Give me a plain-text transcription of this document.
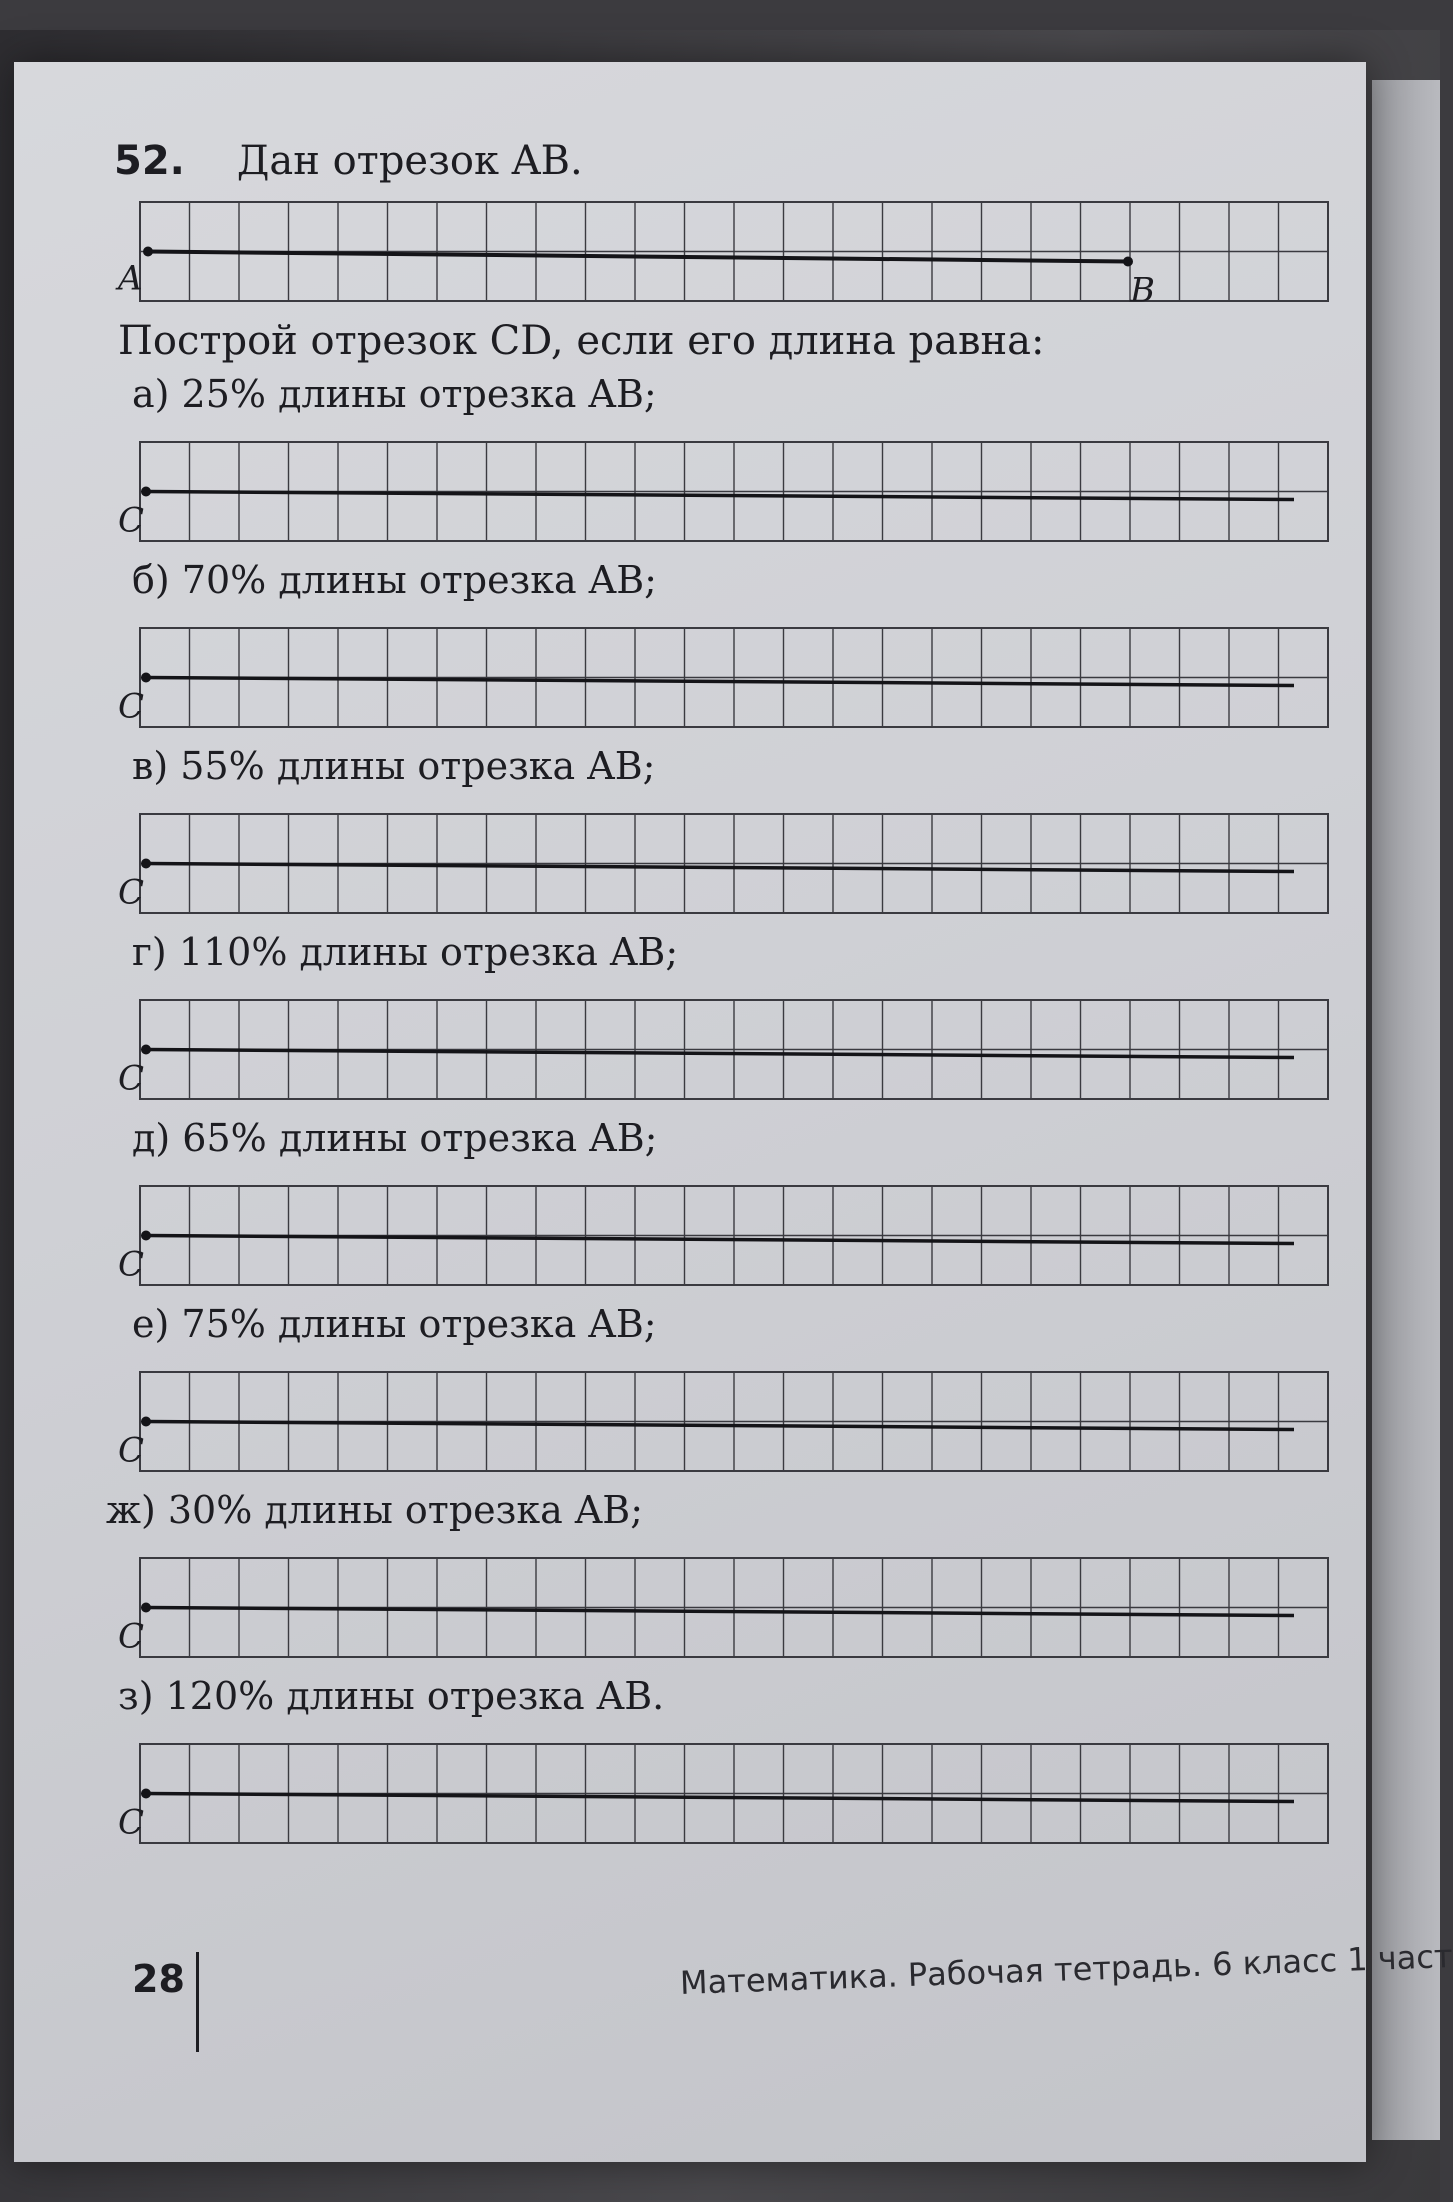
A	B
C
C
C
C
C
C
C
C
52. Дан отрезок AB.
Построй отрезок CD, если его длина равна:
а) 25% длины отрезка AB;
б) 70% длины отрезка AB;
в) 55% длины отрезка AB;
г) 110% длины отрезка AB;
д) 65% длины отрезка AB;
е) 75% длины отрезка AB;
ж) 30% длины отрезка AB;
з) 120% длины отрезка AB.
28	Математика. Рабочая тетрадь. 6 класс 1 част
